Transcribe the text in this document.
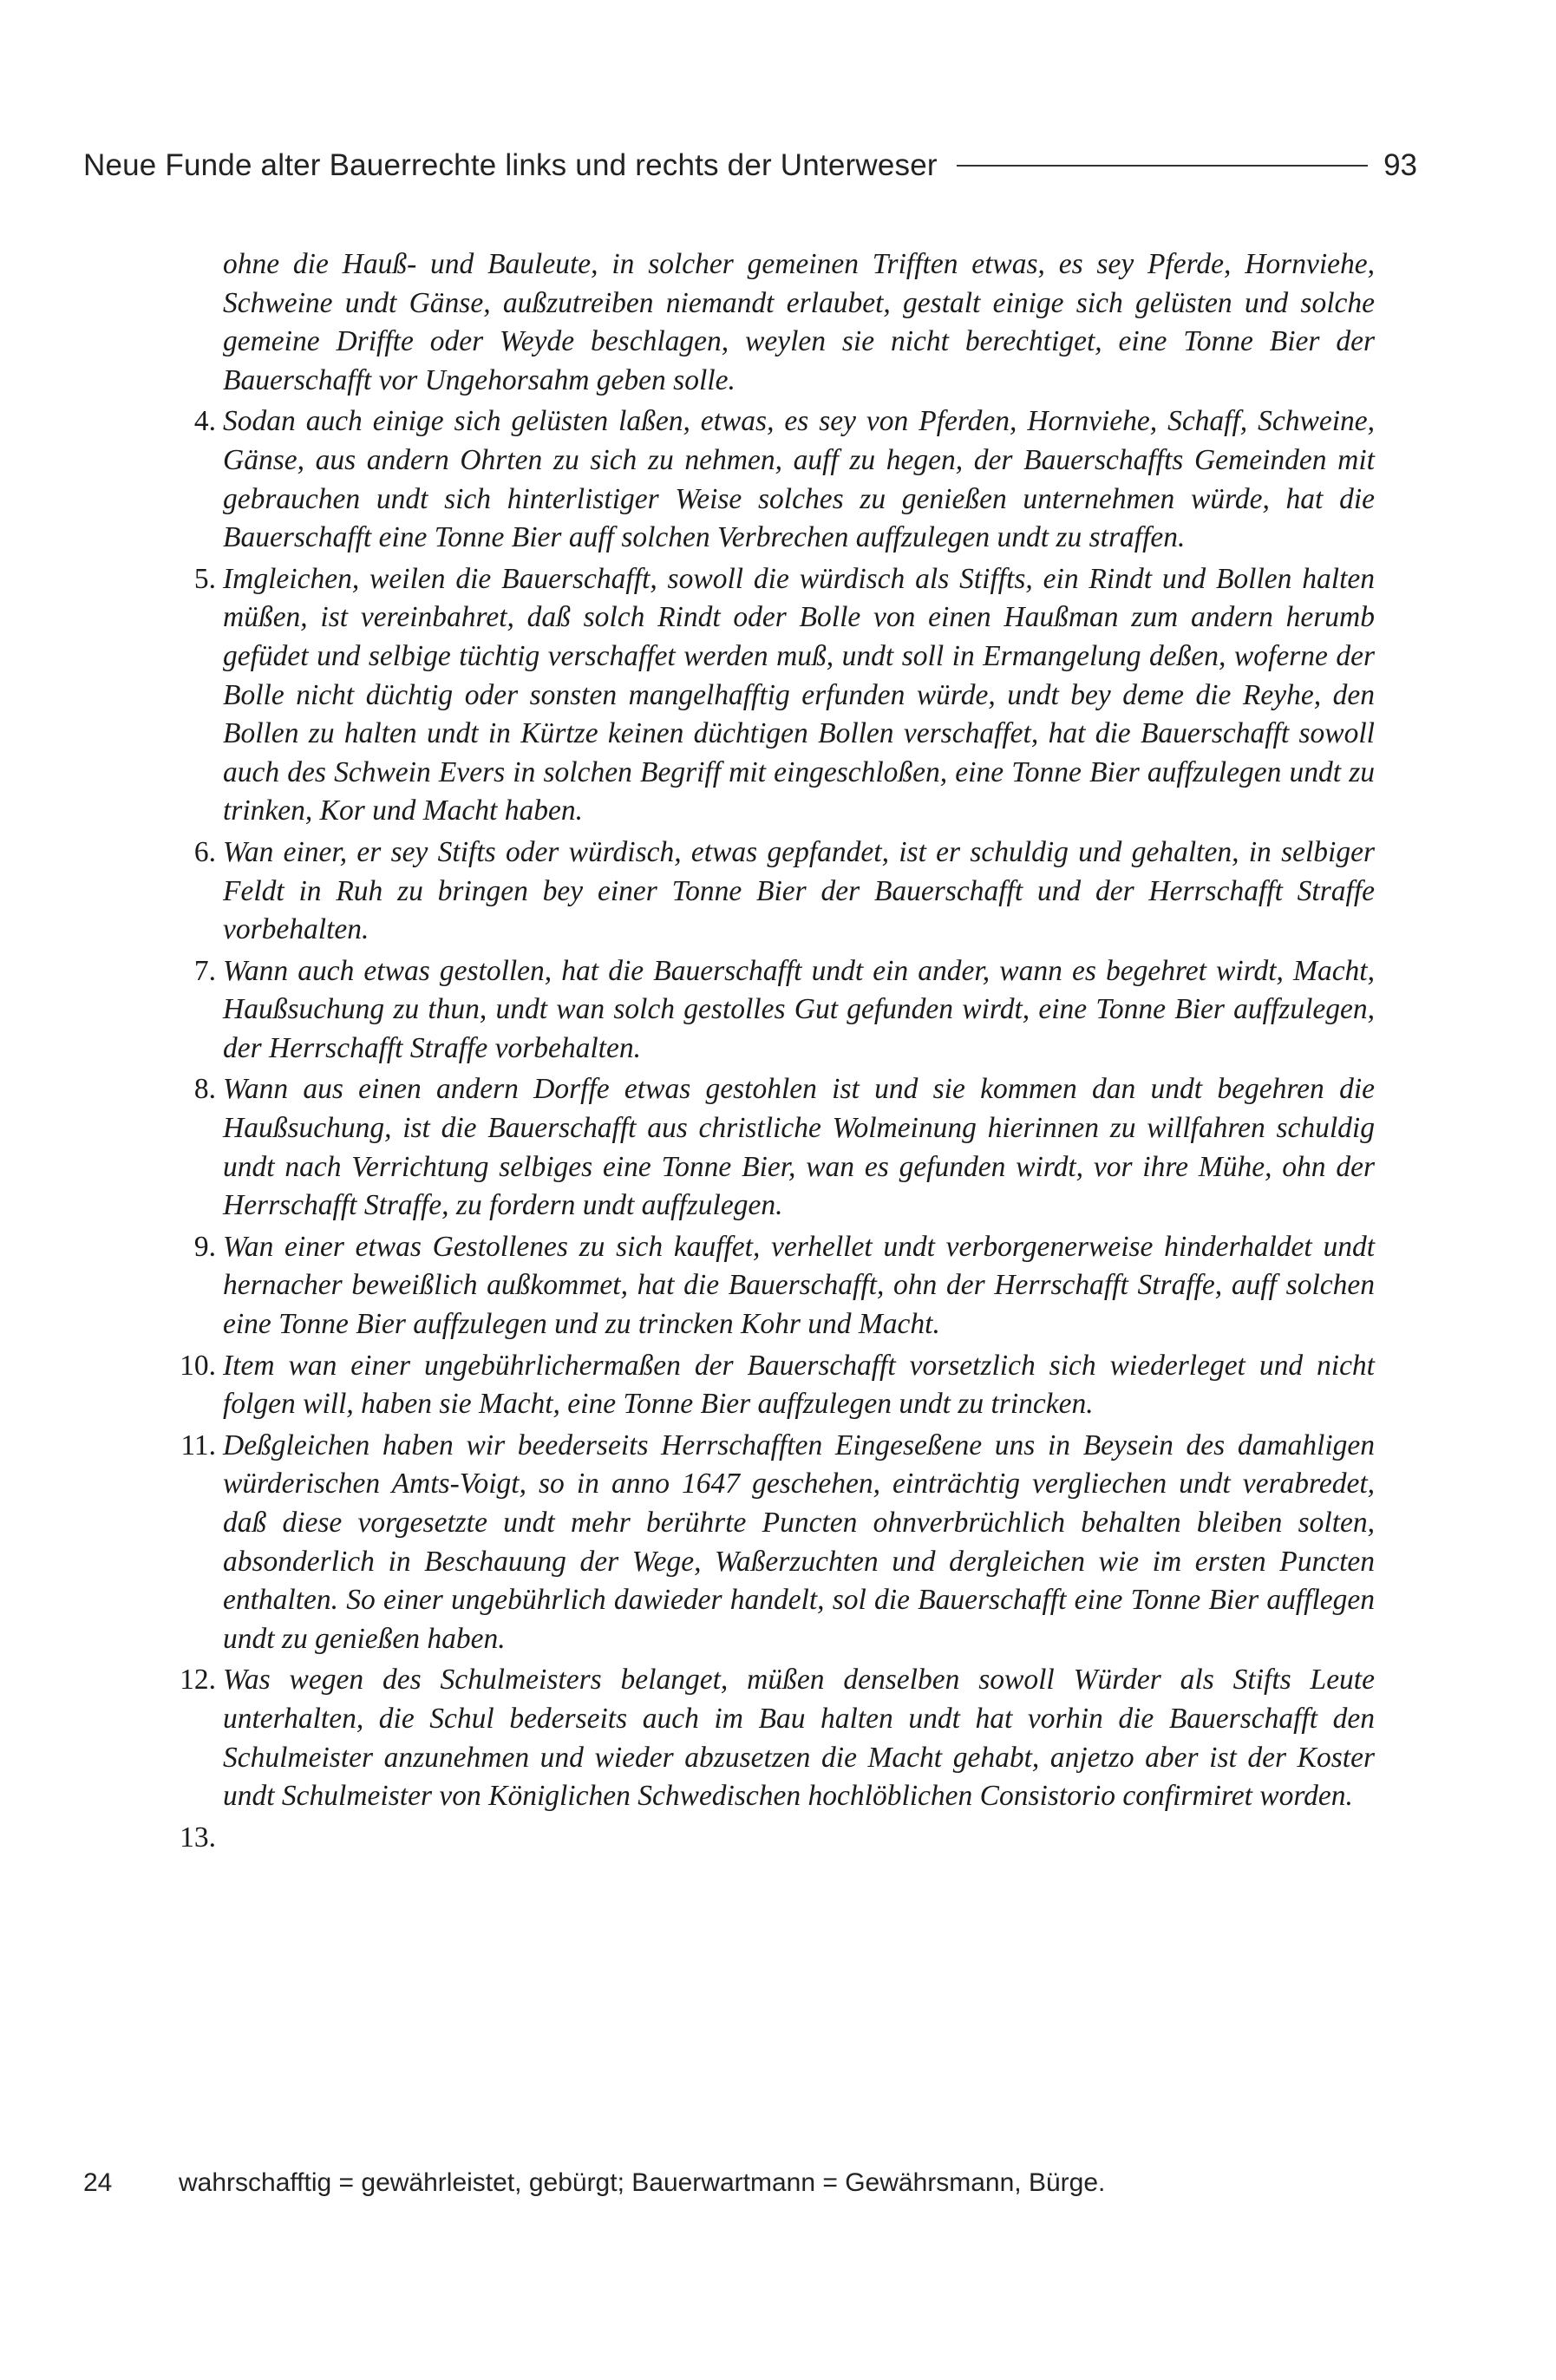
Neue Funde alter Bauerrechte links und rechts der Unterweser	93

ohne die Hauß- und Bauleute, in solcher gemeinen Trifften etwas, es sey Pferde, Hornviehe, Schweine undt Gänse, außzutreiben niemandt erlaubet, gestalt einige sich gelüsten und solche gemeine Driffte oder Weyde beschlagen, weylen sie nicht berechtiget, eine Tonne Bier der Bauerschafft vor Ungehorsahm geben solle.

4. Sodan auch einige sich gelüsten laßen, etwas, es sey von Pferden, Hornviehe, Schaff, Schweine, Gänse, aus andern Ohrten zu sich zu nehmen, auff zu hegen, der Bauerschaffts Gemeinden mit gebrauchen undt sich hinterlistiger Weise solches zu genießen unternehmen würde, hat die Bauerschafft eine Tonne Bier auff solchen Verbrechen auffzulegen undt zu straffen.
5. Imgleichen, weilen die Bauerschafft, sowoll die würdisch als Stiffts, ein Rindt und Bollen halten müßen, ist vereinbahret, daß solch Rindt oder Bolle von einen Haußman zum andern herumb gefüdet und selbige tüchtig verschaffet werden muß, undt soll in Ermangelung deßen, woferne der Bolle nicht düchtig oder sonsten mangelhafftig erfunden würde, undt bey deme die Reyhe, den Bollen zu halten undt in Kürtze keinen düchtigen Bollen verschaffet, hat die Bauerschafft sowoll auch des Schwein Evers in solchen Begriff mit eingeschloßen, eine Tonne Bier auffzulegen undt zu trinken, Kor und Macht haben.
6. Wan einer, er sey Stifts oder würdisch, etwas gepfandet, ist er schuldig und gehalten, in selbiger Feldt in Ruh zu bringen bey einer Tonne Bier der Bauerschafft und der Herrschafft Straffe vorbehalten.
7. Wann auch etwas gestollen, hat die Bauerschafft undt ein ander, wann es begehret wirdt, Macht, Haußsuchung zu thun, undt wan solch gestolles Gut gefunden wirdt, eine Tonne Bier auffzulegen, der Herrschafft Straffe vorbehalten.
8. Wann aus einen andern Dorffe etwas gestohlen ist und sie kommen dan undt begehren die Haußsuchung, ist die Bauerschafft aus christliche Wolmeinung hierinnen zu willfahren schuldig undt nach Verrichtung selbiges eine Tonne Bier, wan es gefunden wirdt, vor ihre Mühe, ohn der Herrschafft Straffe, zu fordern undt auffzulegen.
9. Wan einer etwas Gestollenes zu sich kauffet, verhellet undt verborgenerweise hinderhaldet undt hernacher beweißlich außkommet, hat die Bauerschafft, ohn der Herrschafft Straffe, auff solchen eine Tonne Bier auffzulegen und zu trincken Kohr und Macht.
10. Item wan einer ungebührlichermaßen der Bauerschafft vorsetzlich sich wiederleget und nicht folgen will, haben sie Macht, eine Tonne Bier auffzulegen undt zu trincken.
11. Deßgleichen haben wir beederseits Herrschafften Eingeseßene uns in Beysein des damahligen würderischen Amts-Voigt, so in anno 1647 geschehen, einträchtig vergliechen undt verabredet, daß diese vorgesetzte undt mehr berührte Puncten ohnverbrüchlich behalten bleiben solten, absonderlich in Beschauung der Wege, Waßerzuchten und dergleichen wie im ersten Puncten enthalten. So einer ungebührlich dawieder handelt, sol die Bauerschafft eine Tonne Bier aufflegen undt zu genießen haben.
12. Was wegen des Schulmeisters belanget, müßen denselben sowoll Würder als Stifts Leute unterhalten, die Schul bederseits auch im Bau halten undt hat vorhin die Bauerschafft den Schulmeister anzunehmen und wieder abzusetzen die Macht gehabt, anjetzo aber ist der Koster undt Schulmeister von Königlichen Schwedischen hochlöblichen Consistorio confirmiret worden.
13.
24	wahrschafftig = gewährleistet, gebürgt; Bauerwartmann = Gewährsmann, Bürge.
